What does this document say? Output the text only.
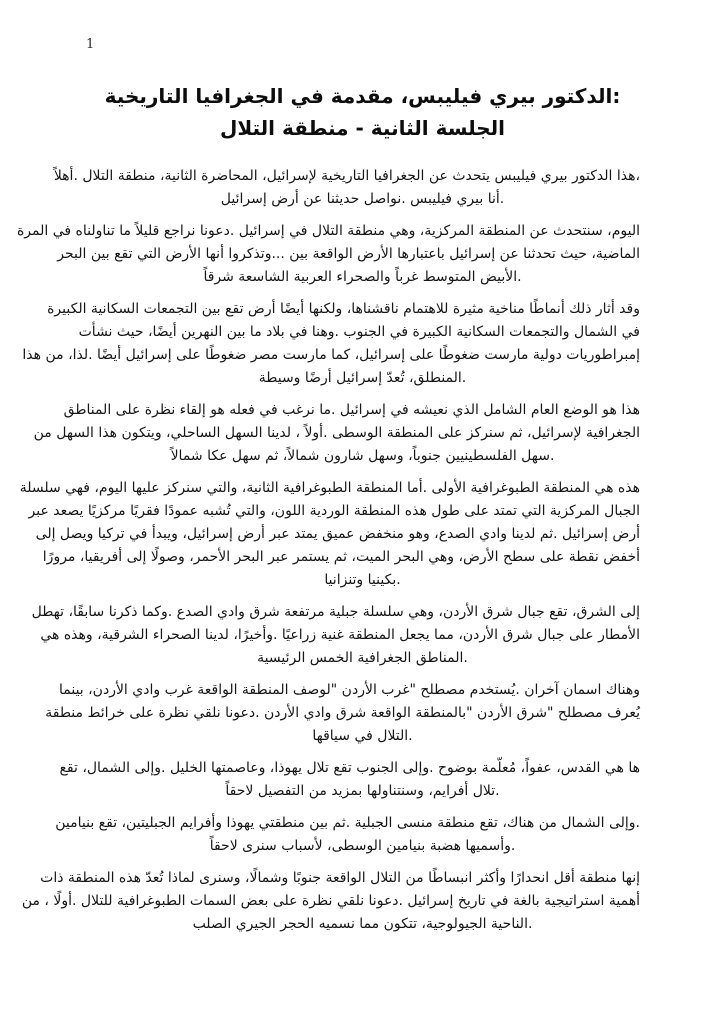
1
:الدكتور بيري فيليبس، مقدمة في الجغرافيا التاريخية
الجلسة الثانية - منطقة التلال
،هذا الدكتور بيري فيليبس يتحدث عن الجغرافيا التاريخية لإسرائيل، المحاضرة الثانية، منطقة التلال .أهلاً
.أنا بيري فيليبس .نواصل حديثنا عن أرض إسرائيل
اليوم، سنتحدث عن المنطقة المركزية، وهي منطقة التلال في إسرائيل .دعونا نراجع قليلاً ما تناولناه في المرة
الماضية، حيث تحدثنا عن إسرائيل باعتبارها الأرض الواقعة بين ...وتذكروا أنها الأرض التي تقع بين البحر
.الأبيض المتوسط غرباً والصحراء العربية الشاسعة شرقاً
وقد أثار ذلك أنماطًا مناخية مثيرة للاهتمام ناقشناها، ولكنها أيضًا أرض تقع بين التجمعات السكانية الكبيرة
في الشمال والتجمعات السكانية الكبيرة في الجنوب .وهنا في بلاد ما بين النهرين أيضًا، حيث نشأت
إمبراطوريات دولية مارست ضغوطًا على إسرائيل، كما مارست مصر ضغوطًا على إسرائيل أيضًا .لذا، من هذا
.المنطلق، تُعدّ إسرائيل أرضًا وسيطة
هذا هو الوضع العام الشامل الذي نعيشه في إسرائيل .ما نرغب في فعله هو إلقاء نظرة على المناطق
الجغرافية لإسرائيل، ثم سنركز على المنطقة الوسطى .أولاً ، لدينا السهل الساحلي، ويتكون هذا السهل من
.سهل الفلسطينيين جنوباً، وسهل شارون شمالاً، ثم سهل عكا شمالاً
هذه هي المنطقة الطبوغرافية الأولى .أما المنطقة الطبوغرافية الثانية، والتي سنركز عليها اليوم، فهي سلسلة
الجبال المركزية التي تمتد على طول هذه المنطقة الوردية اللون، والتي تُشبه عمودًا فقريًا مركزيًا يصعد عبر
أرض إسرائيل .ثم لدينا وادي الصدع، وهو منخفض عميق يمتد عبر أرض إسرائيل، ويبدأ في تركيا ويصل إلى
أخفض نقطة على سطح الأرض، وهي البحر الميت، ثم يستمر عبر البحر الأحمر، وصولًا إلى أفريقيا، مرورًا
.بكينيا وتنزانيا
إلى الشرق، تقع جبال شرق الأردن، وهي سلسلة جبلية مرتفعة شرق وادي الصدع .وكما ذكرنا سابقًا، تهطل
الأمطار على جبال شرق الأردن، مما يجعل المنطقة غنية زراعيًا .وأخيرًا، لدينا الصحراء الشرقية، وهذه هي
.المناطق الجغرافية الخمس الرئيسية
وهناك اسمان آخران .يُستخدم مصطلح "غرب الأردن "لوصف المنطقة الواقعة غرب وادي الأردن، بينما
يُعرف مصطلح "شرق الأردن "بالمنطقة الواقعة شرق وادي الأردن .دعونا نلقي نظرة على خرائط منطقة
.التلال في سياقها
ها هي القدس، عفواً، مُعلّمة بوضوح .وإلى الجنوب تقع تلال يهوذا، وعاصمتها الخليل .وإلى الشمال، تقع
.تلال أفرايم، وسنتناولها بمزيد من التفصيل لاحقاً
.وإلى الشمال من هناك، تقع منطقة منسى الجبلية .ثم بين منطقتي يهوذا وأفرايم الجبليتين، تقع بنيامين
.وأسميها هضبة بنيامين الوسطى، لأسباب سنرى لاحقاً
إنها منطقة أقل انحدارًا وأكثر انبساطًا من التلال الواقعة جنوبًا وشمالًا، وسنرى لماذا تُعدّ هذه المنطقة ذات
أهمية استراتيجية بالغة في تاريخ إسرائيل .دعونا نلقي نظرة على بعض السمات الطبوغرافية للتلال .أولًا ، من
.الناحية الجيولوجية، تتكون مما نسميه الحجر الجيري الصلب
